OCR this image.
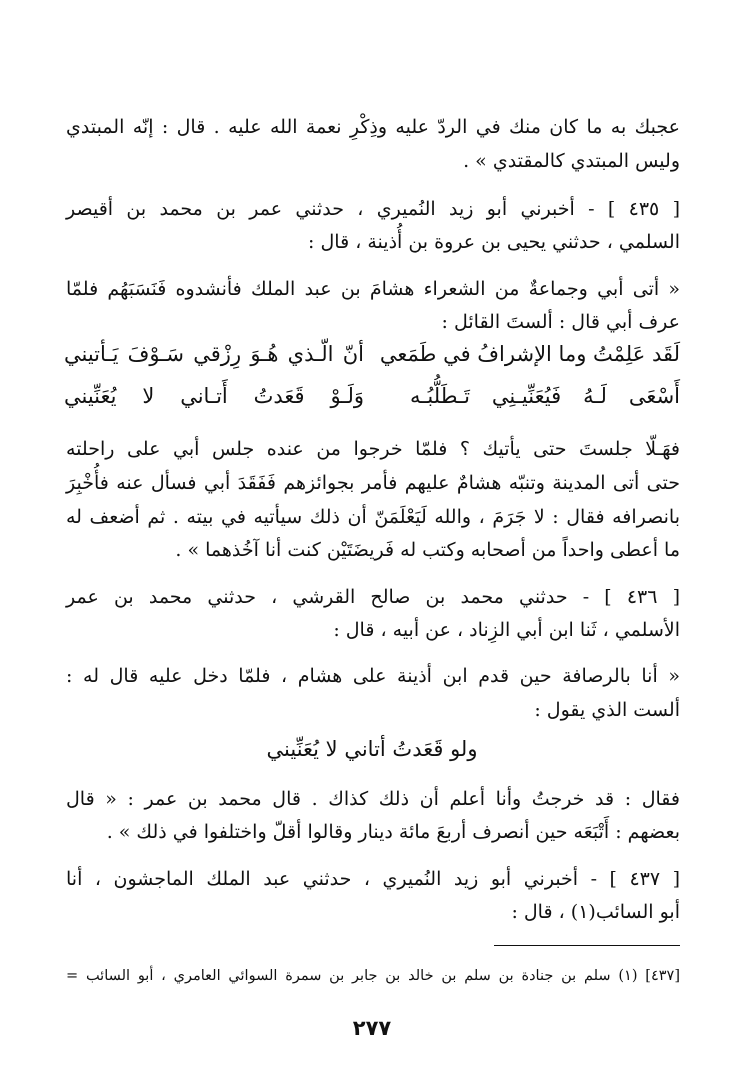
عجبك به ما كان منك في الردّ عليه وذِكْرِ نعمة الله عليه . قال : إنّه المبتدي
وليس المبتدي كالمقتدي » .
[ ٤٣٥ ] - أخبرني أبو زيد النُميري ، حدثني عمر بن محمد بن أقيصر
السلمي ، حدثني يحيى بن عروة بن أُذينة ، قال :
« أتى أبي وجماعةٌ من الشعراء هشامَ بن عبد الملك فأنشدوه فَنَسَبَهُم فلمّا
عرف أبي قال : ألستَ القائل :
لَقَد عَلِمْتُ وما الإشرافُ في طَمَعي
أنّ الّـذي هُـوَ رِزْقي سَـوْفَ يَـأتيني
أَسْعَى لَـهُ فَيُعَنِّيـنِي تَـطَلُّبُـه
وَلَـوْ قَعَدتُ أَتـاني لا يُعَنِّيني
فهَـلّا جلستَ حتى يأتيك ؟ فلمّا خرجوا من عنده جلس أبي على راحلته
حتى أتى المدينة وتنبّه هشامٌ عليهم فأمر بجوائزهم فَفَقَدَ أبي فسأل عنه فأُخْبِرَ
بانصرافه فقال : لا جَرَمَ ، والله لَيَعْلَمَنّ أن ذلك سيأتيه في بيته . ثم أضعف له
ما أعطى واحداً من أصحابه وكتب له فَريضَتَيْن كنت أنا آخُذهما » .
[ ٤٣٦ ] - حدثني محمد بن صالح القرشي ، حدثني محمد بن عمر
الأسلمي ، ثَنا ابن أبي الزِناد ، عن أبيه ، قال :
« أنا بالرصافة حين قدم ابن أذينة على هشام ، فلمّا دخل عليه قال له :
ألست الذي يقول :
ولو قَعَدتُ أتاني لا يُعَنِّيني
فقال : قد خرجتُ وأنا أعلم أن ذلك كذاك . قال محمد بن عمر : « قال
بعضهم : أَتْبَعَه حين أنصرف أربعَ مائة دينار وقالوا أقلّ واختلفوا في ذلك » .
[ ٤٣٧ ] - أخبرني أبو زيد النُميري ، حدثني عبد الملك الماجشون ، أنا
أبو السائب(١) ، قال :
[٤٣٧] (١) سلم بن جنادة بن سلم بن خالد بن جابر بن سمرة السوائي العامري ، أبو السائب =
٢٧٧
